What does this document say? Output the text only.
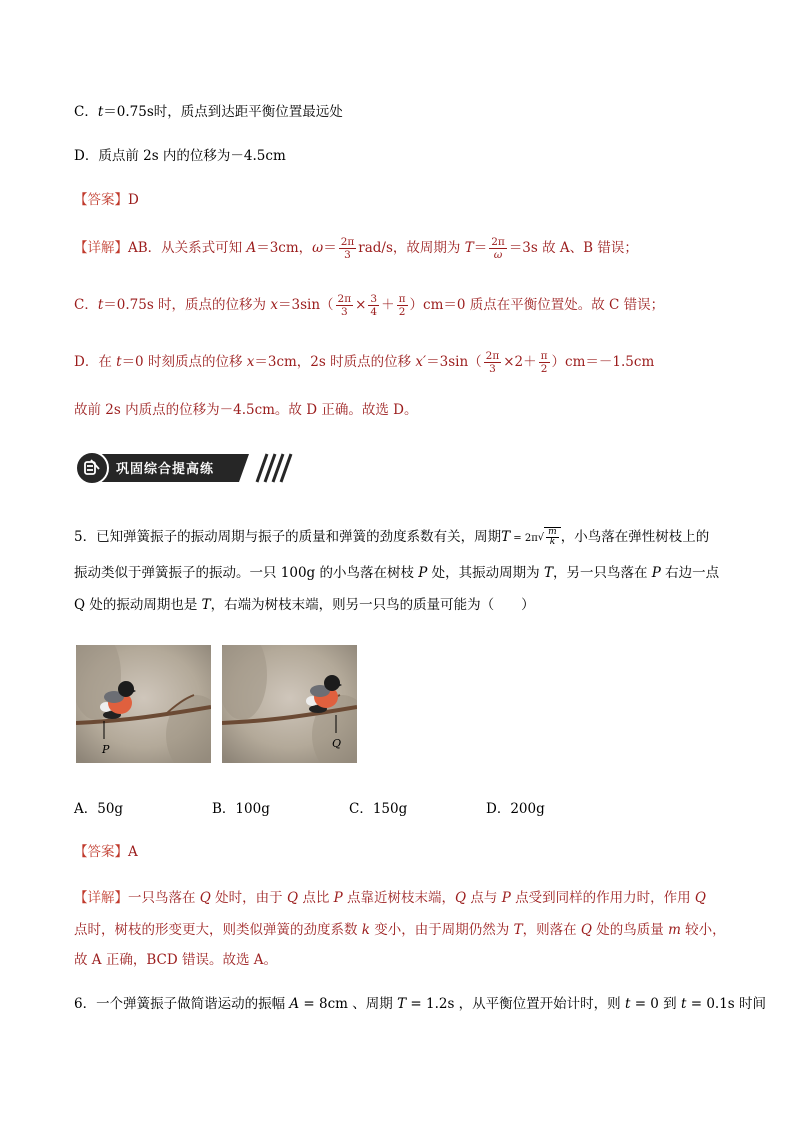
C．t＝0.75s时，质点到达距平衡位置最远处
D．质点前 2s 内的位移为－4.5cm
【答案】D
【详解】AB．从关系式可知 A＝3cm，$\omega= \frac{2\pi}{3} rad/s$，故周期为 $T= \frac{2\pi}{\omega} =3s$ 故 A、B 错误；
C．t＝0.75s 时，质点的位移为 $x=3\sin( \frac{2\pi}{3} \times \frac{3}{4} + \frac{\pi}{2} )cm=0$ 质点在平衡位置处。故 C 错误；
D．在 t＝0 时刻质点的位移 x＝3cm，2s 时质点的位移 $x'=3\sin( \frac{2\pi}{3} \times 2+ \frac{\pi}{2} )cm=-1.5cm$
故前 2s 内质点的位移为－4.5cm。故 D 正确。故选 D。
巩固综合提高练
5．已知弹簧振子的振动周期与振子的质量和弹簧的劲度系数有关，周期$T = 2\pi√ \frac{m}{k}$ ，小鸟落在弹性树枝上的
振动类似于弹簧振子的振动。一只 100g 的小鸟落在树枝 P 处，其振动周期为 T，另一只鸟落在 P 右边一点
Q 处的振动周期也是 T，右端为树枝末端，则另一只鸟的质量可能为（　　）
P	Q
A．50g	B．100g	C．150g	D．200g
【答案】A
【详解】一只鸟落在 Q 处时，由于 Q 点比 P 点靠近树枝末端，Q 点与 P 点受到同样的作用力时，作用 Q
点时，树枝的形变更大，则类似弹簧的劲度系数 k 变小，由于周期仍然为 T，则落在 Q 处的鸟质量 m 较小，
故 A 正确，BCD 错误。故选 A。
6．一个弹簧振子做简谐运动的振幅 A = 8cm 、周期 T = 1.2s ，从平衡位置开始计时，则 t = 0 到 t = 0.1s 时间
